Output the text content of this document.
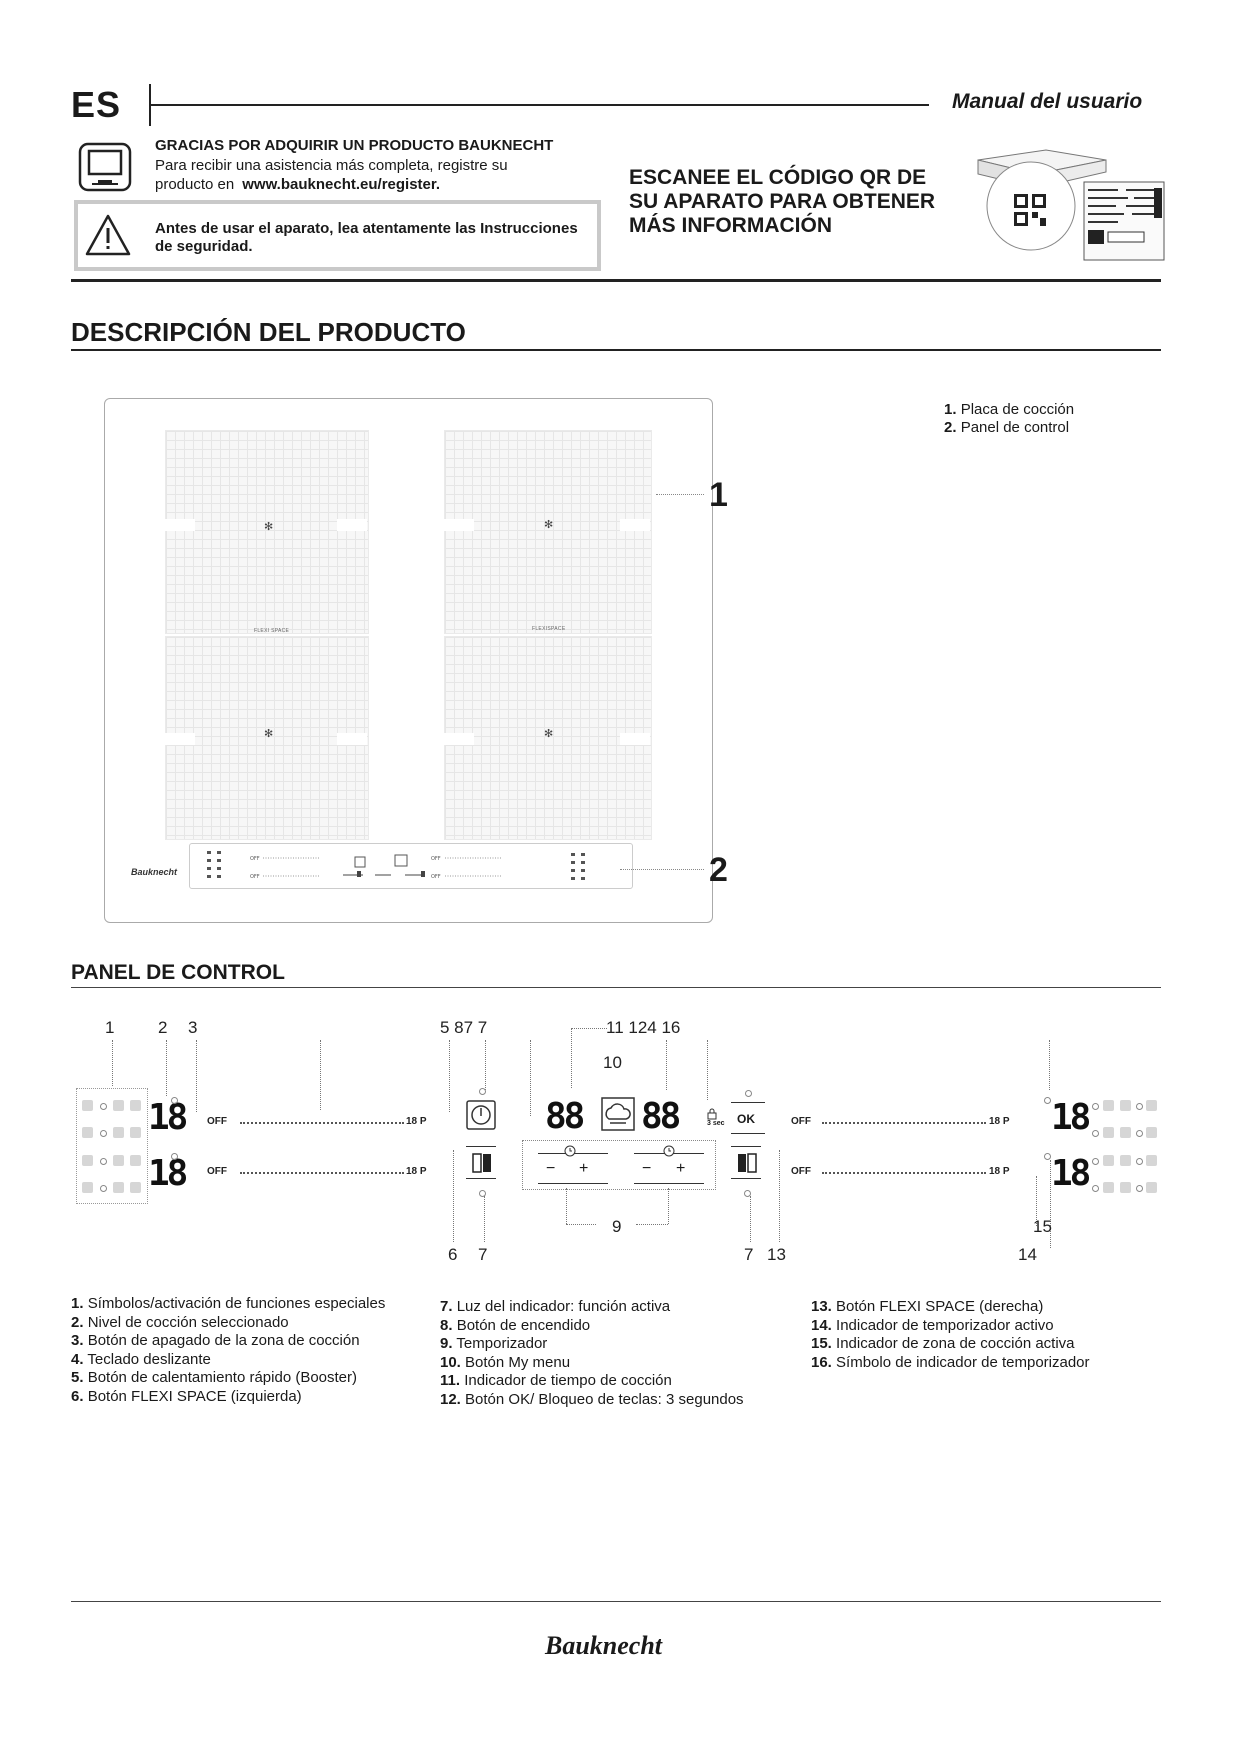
ES	Manual del usuario
GRACIAS POR ADQUIRIR UN PRODUCTO BAUKNECHT
Para recibir una asistencia más completa, registre su
producto en www.bauknecht.eu/register.
Antes de usar el aparato, lea atentamente las Instrucciones de seguridad.
ESCANEE EL CÓDIGO QR DE SU APARATO PARA OBTENER MÁS INFORMACIÓN
DESCRIPCIÓN DEL PRODUCTO
✻	✻
✻	✻
FLEXI SPACE	FLEXISPACE
Bauknecht
OFF
OFF
OFF
OFF
1
2
1. Placa de cocción
2. Panel de control
PANEL DE CONTROL
1	2 3	5 87 7	11 124 16
10
18
18
OFF
OFF
18 P
18 P
88 88	3 sec OK
− +	− +
OFF
OFF
18 P
18 P
18
18
9
6 7	7 13
15
14
1. Símbolos/activación de funciones especiales
2. Nivel de cocción seleccionado
3. Botón de apagado de la zona de cocción
4. Teclado deslizante
5. Botón de calentamiento rápido (Booster)
6. Botón FLEXI SPACE (izquierda)
7. Luz del indicador: función activa
8. Botón de encendido
9. Temporizador
10. Botón My menu
11. Indicador de tiempo de cocción
12. Botón OK/ Bloqueo de teclas: 3 segundos
13. Botón FLEXI SPACE (derecha)
14. Indicador de temporizador activo
15. Indicador de zona de cocción activa
16. Símbolo de indicador de temporizador
Bauknecht
